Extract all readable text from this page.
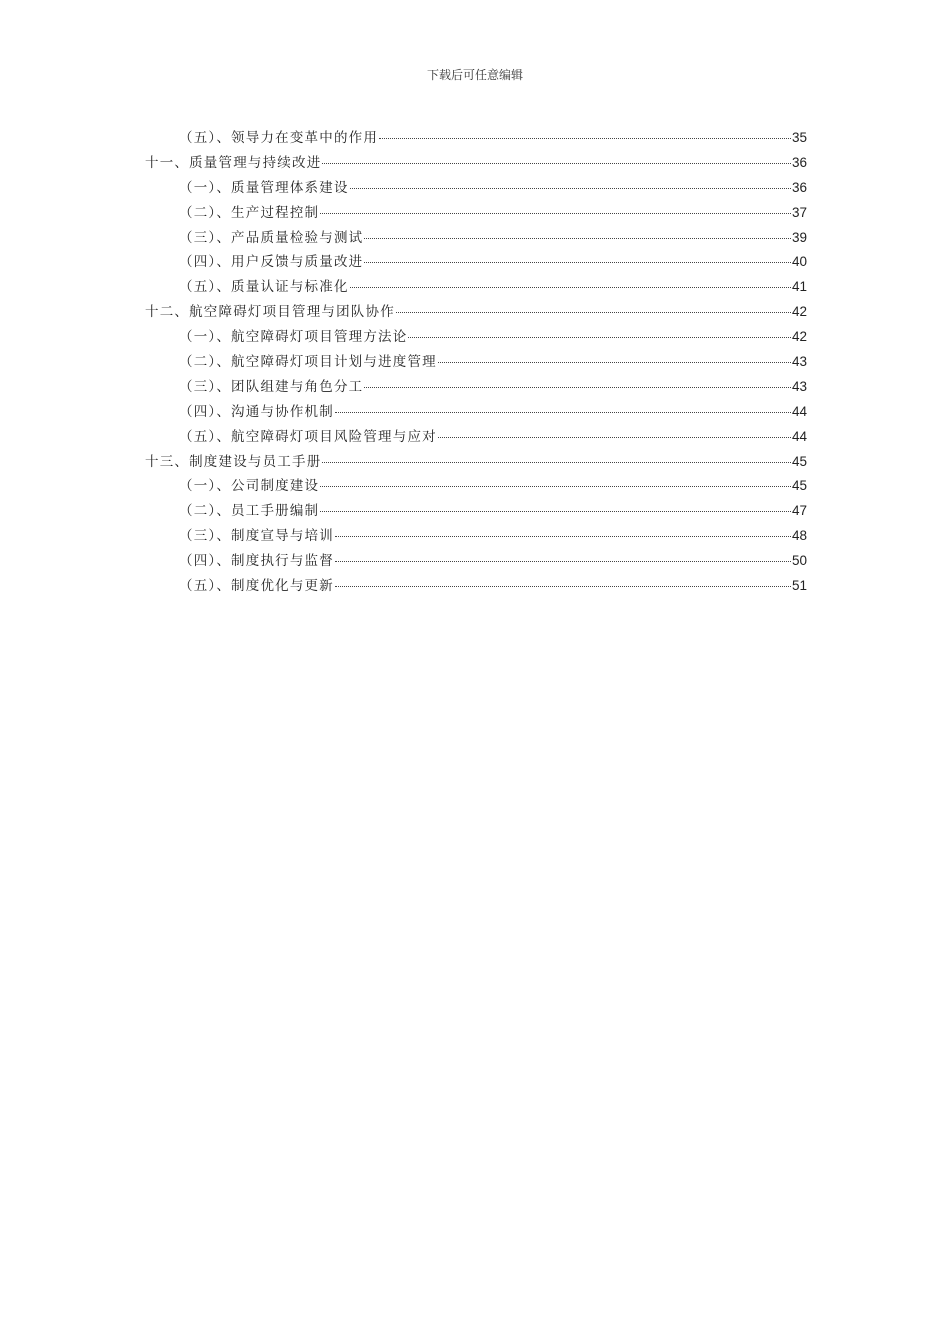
下载后可任意编辑
（五）、领导力在变革中的作用	35
十一、质量管理与持续改进	36
（一）、质量管理体系建设	36
（二）、生产过程控制	37
（三）、产品质量检验与测试	39
（四）、用户反馈与质量改进	40
（五）、质量认证与标准化	41
十二、航空障碍灯项目管理与团队协作	42
（一）、航空障碍灯项目管理方法论	42
（二）、航空障碍灯项目计划与进度管理	43
（三）、团队组建与角色分工	43
（四）、沟通与协作机制	44
（五）、航空障碍灯项目风险管理与应对	44
十三、制度建设与员工手册	45
（一）、公司制度建设	45
（二）、员工手册编制	47
（三）、制度宣导与培训	48
（四）、制度执行与监督	50
（五）、制度优化与更新	51
